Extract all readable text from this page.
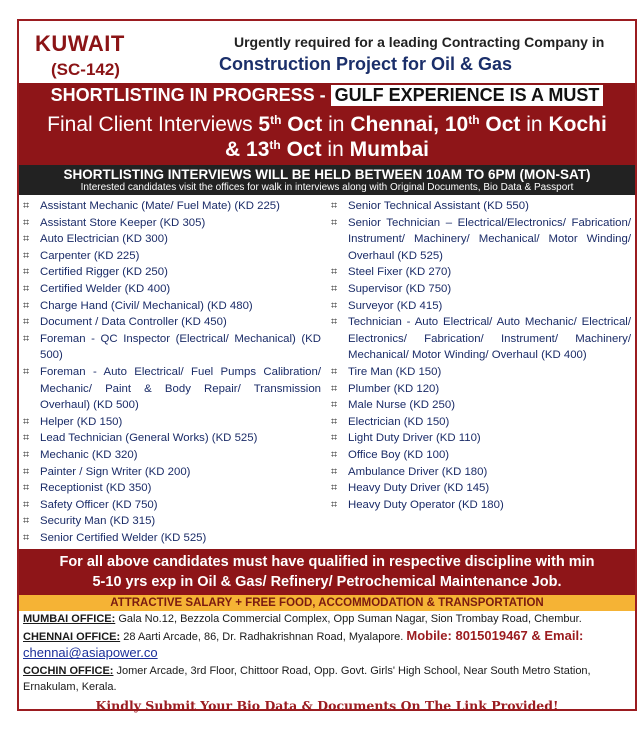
KUWAIT
(SC-142)
Urgently required for a leading Contracting Company in
Construction Project for Oil & Gas
SHORTLISTING IN PROGRESS - GULF EXPERIENCE IS A MUST
Final Client Interviews 5th Oct in Chennai, 10th Oct in Kochi
& 13th Oct in Mumbai
SHORTLISTING INTERVIEWS WILL BE HELD BETWEEN 10AM TO 6PM (MON-SAT)
Interested candidates visit the offices for walk in interviews along with Original Documents, Bio Data & Passport
⌗ Assistant Mechanic (Mate/ Fuel Mate) (KD 225)
⌗ Assistant Store Keeper (KD 305)
⌗ Auto Electrician (KD 300)
⌗ Carpenter (KD 225)
⌗ Certified Rigger (KD 250)
⌗ Certified Welder (KD 400)
⌗ Charge Hand (Civil/ Mechanical) (KD 480)
⌗ Document / Data Controller (KD 450)
⌗ Foreman - QC Inspector (Electrical/ Mechanical) (KD 500)
⌗ Foreman - Auto Electrical/ Fuel Pumps Calibration/ Mechanic/ Paint & Body Repair/ Transmission Overhaul) (KD 500)
⌗ Helper (KD 150)
⌗ Lead Technician (General Works) (KD 525)
⌗ Mechanic (KD 320)
⌗ Painter / Sign Writer (KD 200)
⌗ Receptionist (KD 350)
⌗ Safety Officer (KD 750)
⌗ Security Man (KD 315)
⌗ Senior Certified Welder (KD 525)
⌗ Senior Technical Assistant (KD 550)
⌗ Senior Technician – Electrical/Electronics/ Fabrication/ Instrument/ Machinery/ Mechanical/ Motor Winding/ Overhaul (KD 525)
⌗ Steel Fixer (KD 270)
⌗ Supervisor (KD 750)
⌗ Surveyor (KD 415)
⌗ Technician - Auto Electrical/ Auto Mechanic/ Electrical/ Electronics/ Fabrication/ Instrument/ Machinery/ Mechanical/ Motor Winding/ Overhaul (KD 400)
⌗ Tire Man (KD 150)
⌗ Plumber (KD 120)
⌗ Male Nurse (KD 250)
⌗ Electrician (KD 150)
⌗ Light Duty Driver (KD 110)
⌗ Office Boy (KD 100)
⌗ Ambulance Driver (KD 180)
⌗ Heavy Duty Driver (KD 145)
⌗ Heavy Duty Operator (KD 180)
For all above candidates must have qualified in respective discipline with min
5-10 yrs exp in Oil & Gas/ Refinery/ Petrochemical Maintenance Job.
ATTRACTIVE SALARY + FREE FOOD, ACCOMMODATION & TRANSPORTATION
MUMBAI OFFICE: Gala No.12, Bezzola Commercial Complex, Opp Suman Nagar, Sion Trombay Road, Chembur.
CHENNAI OFFICE: 28 Aarti Arcade, 86, Dr. Radhakrishnan Road, Myalapore. Mobile: 8015019467 & Email:
chennai@asiapower.co
COCHIN OFFICE: Jomer Arcade, 3rd Floor, Chittoor Road, Opp. Govt. Girls' High School, Near South Metro Station, Ernakulam, Kerala.
Kindly Submit Your Bio Data & Documents On The Link Provided!
